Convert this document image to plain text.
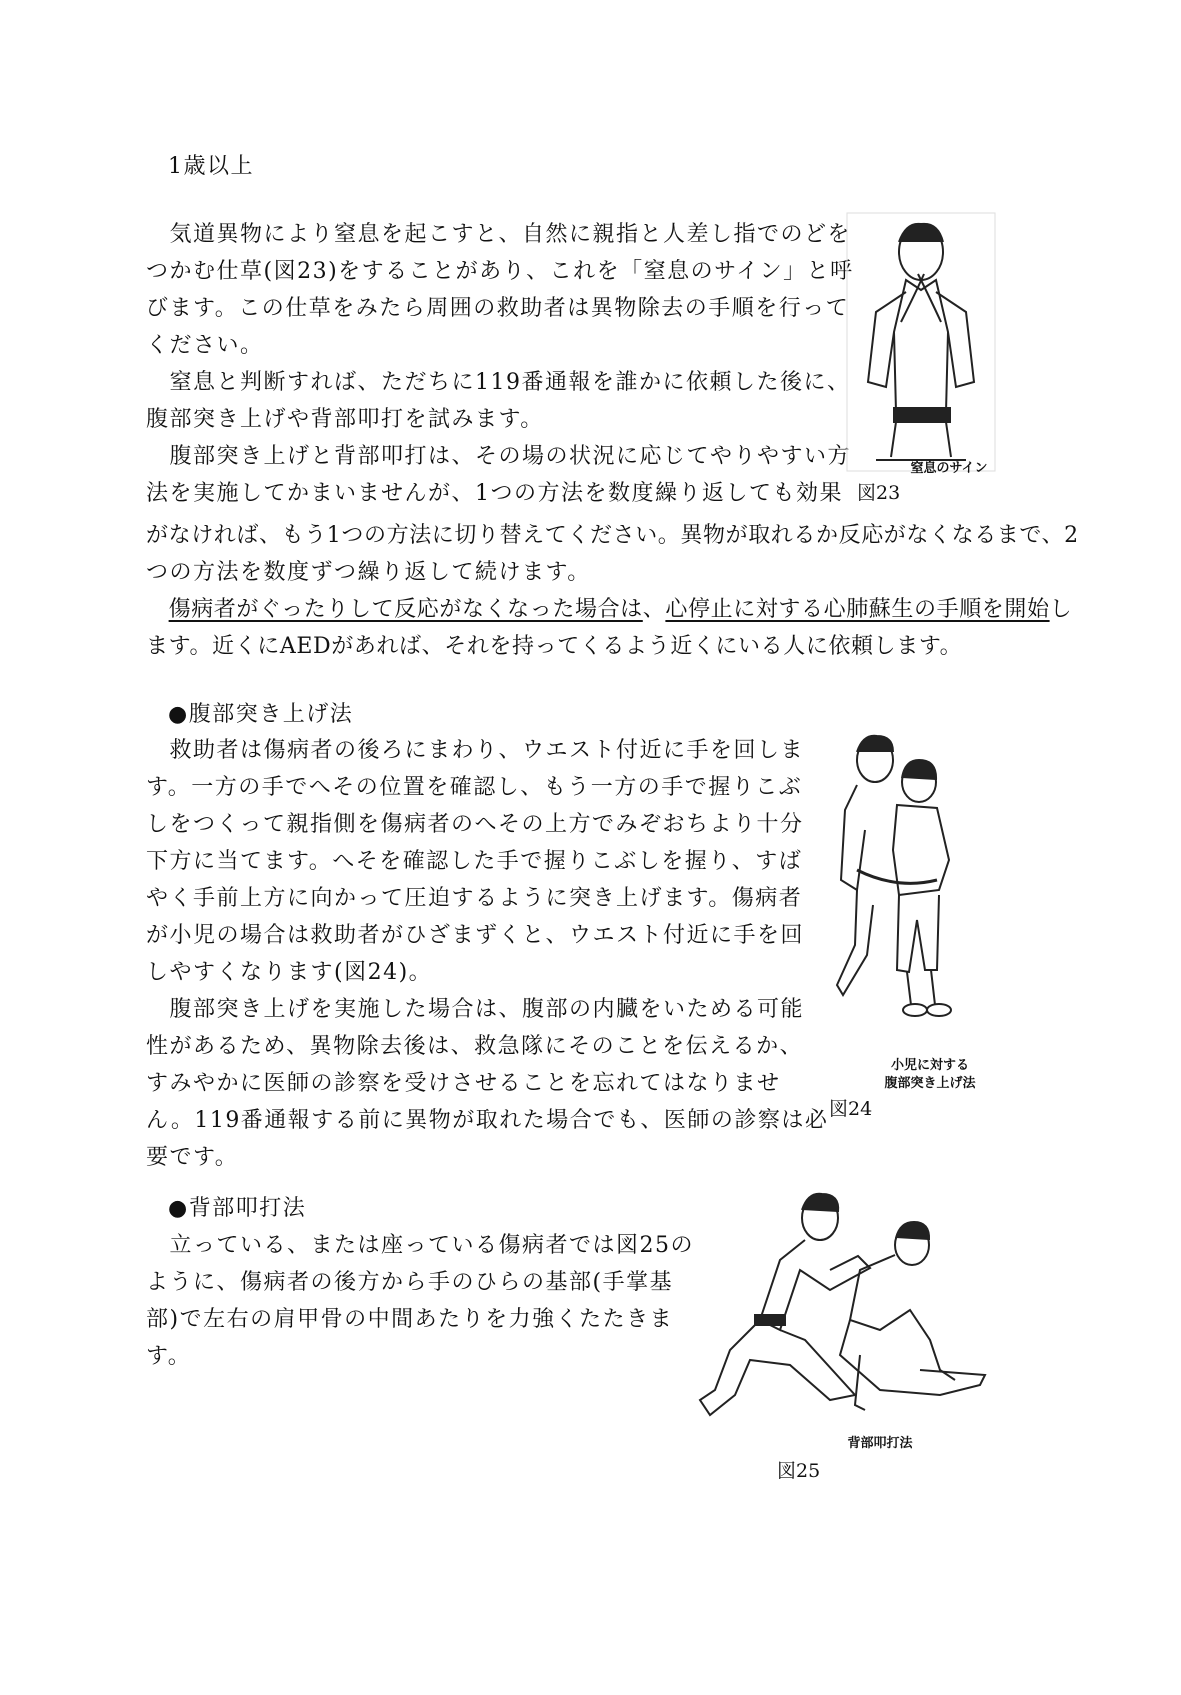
1歳以上
　気道異物により窒息を起こすと、自然に親指と人差し指でのどを
つかむ仕草(図23)をすることがあり、これを「窒息のサイン」と呼
びます。この仕草をみたら周囲の救助者は異物除去の手順を行って
ください。
　窒息と判断すれば、ただちに119番通報を誰かに依頼した後に、
腹部突き上げや背部叩打を試みます。
　腹部突き上げと背部叩打は、その場の状況に応じてやりやすい方
法を実施してかまいませんが、1つの方法を数度繰り返しても効果
がなければ、もう1つの方法に切り替えてください。異物が取れるか反応がなくなるまで、2
つの方法を数度ずつ繰り返して続けます。
　傷病者がぐったりして反応がなくなった場合は、心停止に対する心肺蘇生の手順を開始し
ます。近くにAEDがあれば、それを持ってくるよう近くにいる人に依頼します。
窒息のサイン
図23
●腹部突き上げ法
　救助者は傷病者の後ろにまわり、ウエスト付近に手を回しま
す。一方の手でへその位置を確認し、もう一方の手で握りこぶ
しをつくって親指側を傷病者のへその上方でみぞおちより十分
下方に当てます。へそを確認した手で握りこぶしを握り、すば
やく手前上方に向かって圧迫するように突き上げます。傷病者
が小児の場合は救助者がひざまずくと、ウエスト付近に手を回
しやすくなります(図24)。
　腹部突き上げを実施した場合は、腹部の内臓をいためる可能
性があるため、異物除去後は、救急隊にそのことを伝えるか、
すみやかに医師の診察を受けさせることを忘れてはなりませ
ん。119番通報する前に異物が取れた場合でも、医師の診察は必
要です。
小児に対する
腹部突き上げ法
図24
●背部叩打法
　立っている、または座っている傷病者では図25の
ように、傷病者の後方から手のひらの基部(手掌基
部)で左右の肩甲骨の中間あたりを力強くたたきま
す。
背部叩打法
図25
